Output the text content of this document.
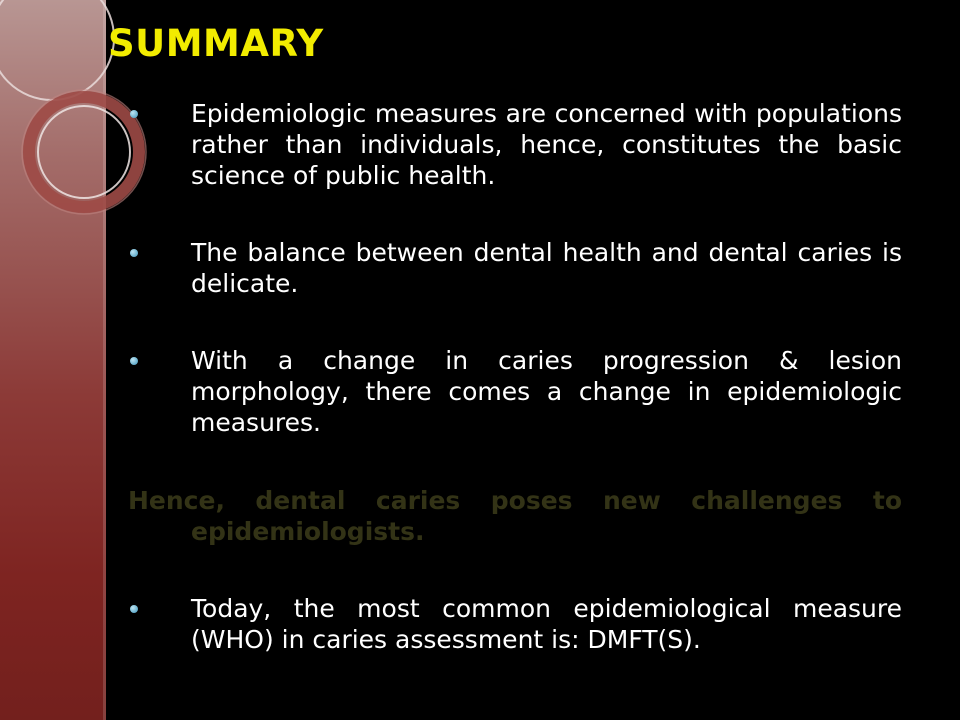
SUMMARY
Epidemiologic measures are concerned with populations rather than individuals, hence, constitutes the basic science of public health.
The balance between dental health and dental caries is delicate.
With a change in caries progression & lesion morphology, there comes a change in epidemiologic measures.
Hence, dental caries poses new challenges to epidemiologists.
Today, the most common epidemiological measure (WHO) in caries assessment is: DMFT(S).
